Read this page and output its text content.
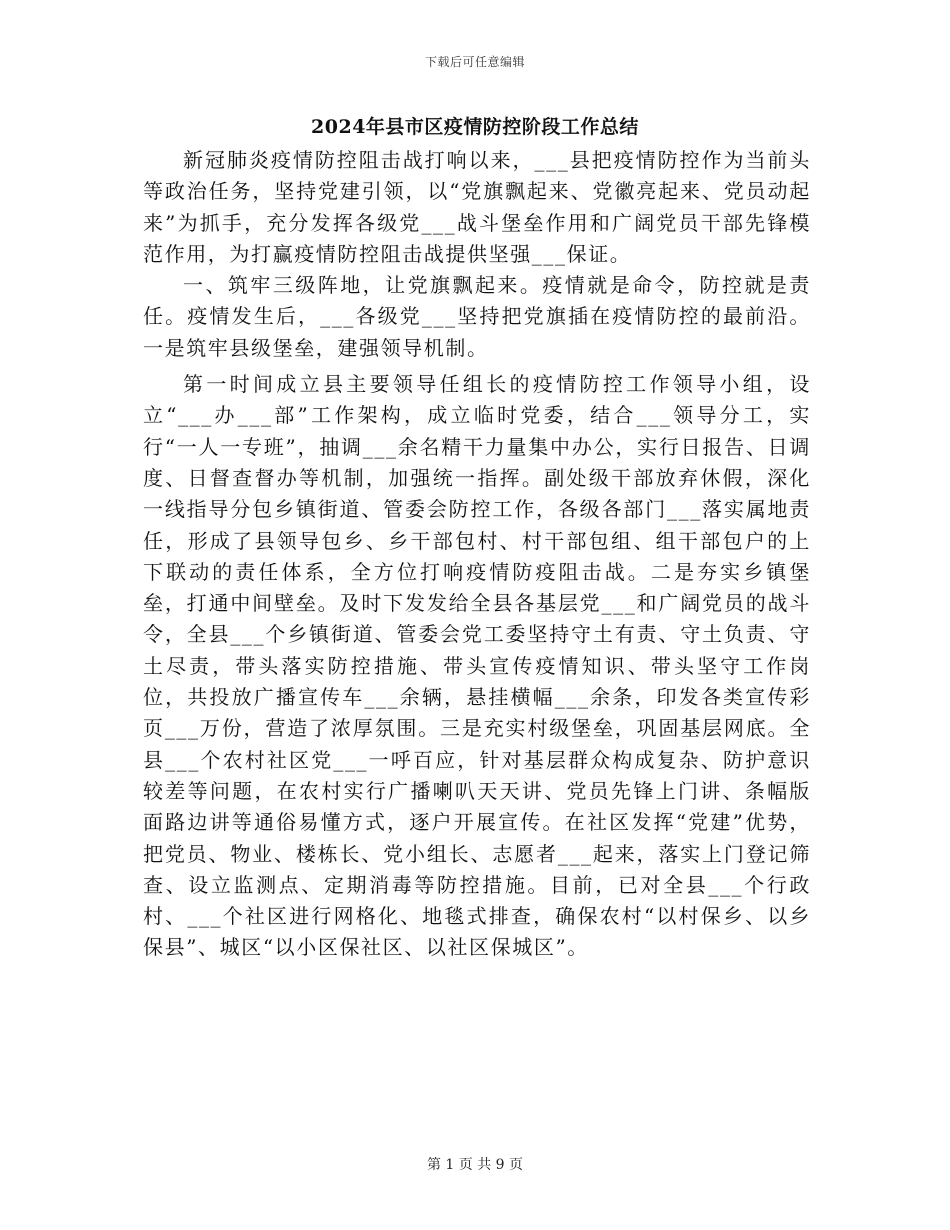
下载后可任意编辑
2024年县市区疫情防控阶段工作总结

新冠肺炎疫情防控阻击战打响以来，___县把疫情防控作为当前头等政治任务，坚持党建引领，以“党旗飘起来、党徽亮起来、党员动起来”为抓手，充分发挥各级党___战斗堡垒作用和广阔党员干部先锋模范作用，为打赢疫情防控阻击战提供坚强___保证。

一、筑牢三级阵地，让党旗飘起来。疫情就是命令，防控就是责任。疫情发生后，___各级党___坚持把党旗插在疫情防控的最前沿。一是筑牢县级堡垒，建强领导机制。

第一时间成立县主要领导任组长的疫情防控工作领导小组，设立“___办___部”工作架构，成立临时党委，结合___领导分工，实行“一人一专班”，抽调___余名精干力量集中办公，实行日报告、日调度、日督查督办等机制，加强统一指挥。副处级干部放弃休假，深化一线指导分包乡镇街道、管委会防控工作，各级各部门___落实属地责任，形成了县领导包乡、乡干部包村、村干部包组、组干部包户的上下联动的责任体系，全方位打响疫情防疫阻击战。二是夯实乡镇堡垒，打通中间壁垒。及时下发发给全县各基层党___和广阔党员的战斗令，全县___个乡镇街道、管委会党工委坚持守土有责、守土负责、守土尽责，带头落实防控措施、带头宣传疫情知识、带头坚守工作岗位，共投放广播宣传车___余辆，悬挂横幅___余条，印发各类宣传彩页___万份，营造了浓厚氛围。三是充实村级堡垒，巩固基层网底。全县___个农村社区党___一呼百应，针对基层群众构成复杂、防护意识较差等问题，在农村实行广播喇叭天天讲、党员先锋上门讲、条幅版面路边讲等通俗易懂方式，逐户开展宣传。在社区发挥“党建”优势，把党员、物业、楼栋长、党小组长、志愿者___起来，落实上门登记筛查、设立监测点、定期消毒等防控措施。目前，已对全县___个行政村、___个社区进行网格化、地毯式排查，确保农村“以村保乡、以乡保县”、城区“以小区保社区、以社区保城区”。

第 1 页 共 9 页
